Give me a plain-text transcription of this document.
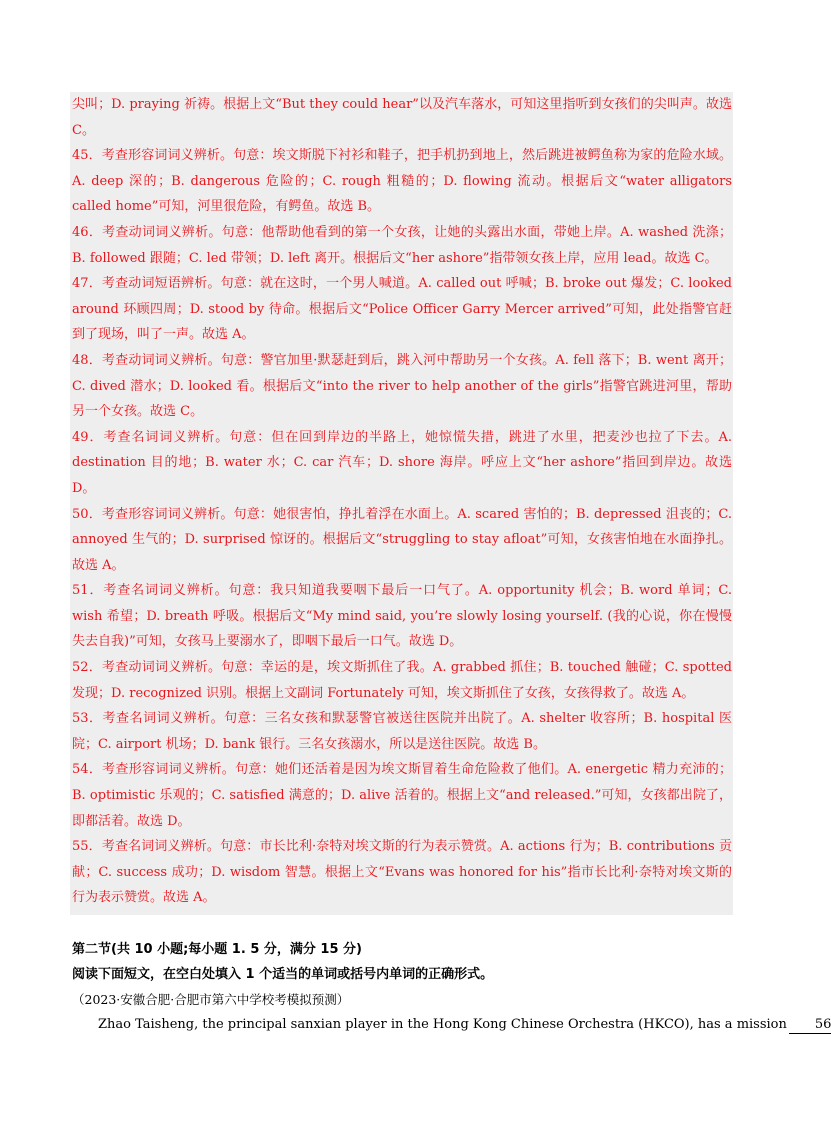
尖叫；D. praying 祈祷。根据上文“But they could hear”以及汽车落水，可知这里指听到女孩们的尖叫声。故选 C。

45．考查形容词词义辨析。句意：埃文斯脱下衬衫和鞋子，把手机扔到地上，然后跳进被鳄鱼称为家的危险水域。A. deep 深的；B. dangerous 危险的；C. rough 粗糙的；D. flowing 流动。根据后文“water alligators called home”可知，河里很危险，有鳄鱼。故选 B。

46．考查动词词义辨析。句意：他帮助他看到的第一个女孩，让她的头露出水面，带她上岸。A. washed 洗涤；B. followed 跟随；C. led 带领；D. left 离开。根据后文“her ashore”指带领女孩上岸，应用 lead。故选 C。

47．考查动词短语辨析。句意：就在这时，一个男人喊道。A. called out 呼喊；B. broke out 爆发；C. looked around 环顾四周；D. stood by 待命。根据后文“Police Officer Garry Mercer arrived”可知，此处指警官赶到了现场，叫了一声。故选 A。

48．考查动词词义辨析。句意：警官加里·默瑟赶到后，跳入河中帮助另一个女孩。A. fell 落下；B. went 离开；C. dived 潜水；D. looked 看。根据后文“into the river to help another of the girls”指警官跳进河里，帮助另一个女孩。故选 C。

49．考查名词词义辨析。句意：但在回到岸边的半路上，她惊慌失措，跳进了水里，把麦沙也拉了下去。A. destination 目的地；B. water 水；C. car 汽车；D. shore 海岸。呼应上文“her ashore”指回到岸边。故选 D。

50．考查形容词词义辨析。句意：她很害怕，挣扎着浮在水面上。A. scared 害怕的；B. depressed 沮丧的；C. annoyed 生气的；D. surprised 惊讶的。根据后文“struggling to stay afloat”可知，女孩害怕地在水面挣扎。故选 A。

51．考查名词词义辨析。句意：我只知道我要咽下最后一口气了。A. opportunity 机会；B. word 单词；C. wish 希望；D. breath 呼吸。根据后文“My mind said, you’re slowly losing yourself. (我的心说，你在慢慢失去自我)”可知，女孩马上要溺水了，即咽下最后一口气。故选 D。

52．考查动词词义辨析。句意：幸运的是，埃文斯抓住了我。A. grabbed 抓住；B. touched 触碰；C. spotted 发现；D. recognized 识别。根据上文副词 Fortunately 可知，埃文斯抓住了女孩，女孩得救了。故选 A。

53．考查名词词义辨析。句意：三名女孩和默瑟警官被送往医院并出院了。A. shelter 收容所；B. hospital 医院；C. airport 机场；D. bank 银行。三名女孩溺水，所以是送往医院。故选 B。

54．考查形容词词义辨析。句意：她们还活着是因为埃文斯冒着生命危险救了他们。A. energetic 精力充沛的；B. optimistic 乐观的；C. satisfied 满意的；D. alive 活着的。根据上文“and released.”可知，女孩都出院了，即都活着。故选 D。

55．考查名词词义辨析。句意：市长比利·奈特对埃文斯的行为表示赞赏。A. actions 行为；B. contributions 贡献；C. success 成功；D. wisdom 智慧。根据上文“Evans was honored for his”指市长比利·奈特对埃文斯的行为表示赞赏。故选 A。

第二节(共 10 小题;每小题 1. 5 分，满分 15 分)

阅读下面短文，在空白处填入 1 个适当的单词或括号内单词的正确形式。

（2023·安徽合肥·合肥市第六中学校考模拟预测）

Zhao Taisheng, the principal sanxian player in the Hong Kong Chinese Orchestra (HKCO), has a mission 56
